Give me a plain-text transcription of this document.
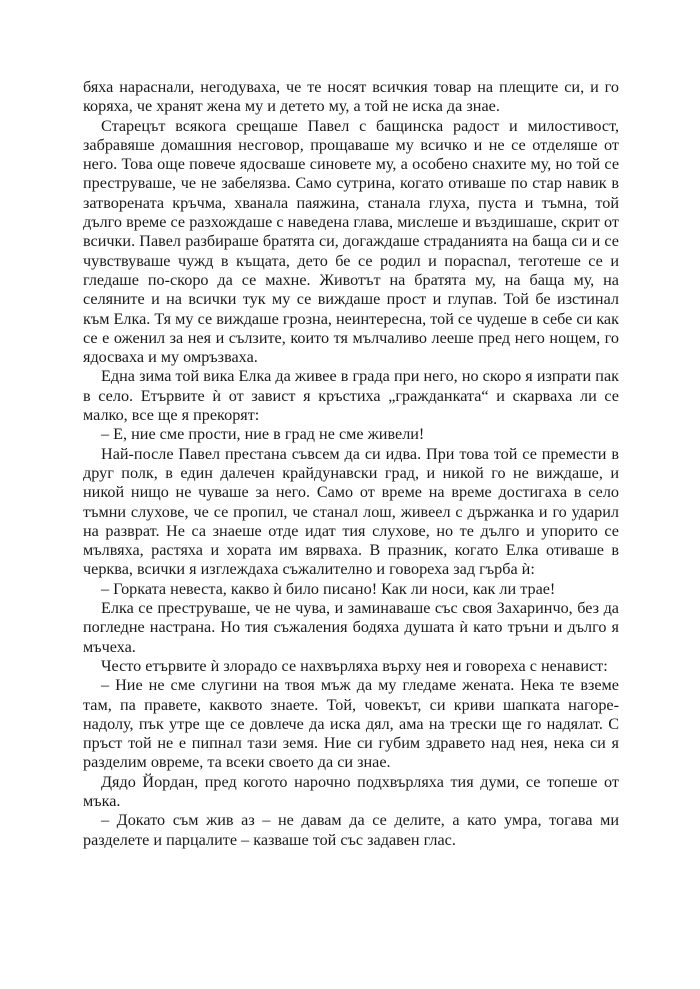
бяха нараснали, негодуваха, че те носят всичкия товар на плещите си, и го коряха, че хранят жена му и детето му, а той не иска да знае.

Старецът всякога срещаше Павел с бащинска радост и милостивост, забравяше домашния несговор, прощаваше му всичко и не се отделяше от него. Това още повече ядосваше синовете му, а особено снахите му, но той се преструваше, че не забелязва. Само сутрина, когато отиваше по стар навик в затворената кръчма, хванала паяжина, станала глуха, пуста и тъмна, той дълго време се разхождаше с наведена глава, мислеше и въздишаше, скрит от всички. Павел разбираше братята си, догаждаше страданията на баща си и се чувствуваше чужд в къщата, дето бе се родил и порасnал, теготеше се и гледаше по-скоро да се махне. Животът на братята му, на баща му, на селяните и на всички тук му се виждаше прост и глупав. Той бе изстинал към Елка. Тя му се виждаше грозна, неинтересна, той се чудеше в себе си как се е оженил за нея и сълзите, които тя мълчаливо лееше пред него нощем, го ядосваха и му омръзваха.

Една зима той вика Елка да живее в града при него, но скоро я изпрати пак в село. Етървите ѝ от завист я кръстиха „гражданката“ и скарваха ли се малко, все ще я прекорят:

– Е, ние сме прости, ние в град не сме живели!

Най-после Павел престана съвсем да си идва. При това той се премести в друг полк, в един далечен крайдунавски град, и никой го не виждаше, и никой нищо не чуваше за него. Само от време на време достигаха в село тъмни слухове, че се пропил, че станал лош, живеел с държанка и го ударил на разврат. Не са знаеше отде идат тия слухове, но те дълго и упорито се мълвяха, растяха и хората им вярваха. В празник, когато Елка отиваше в черква, всички я изглеждаха съжалително и говореха зад гърба ѝ:

– Горката невеста, какво ѝ било писано! Как ли носи, как ли трае!

Елка се преструваше, че не чува, и заминаваше със своя Захаринчо, без да погледне настрана. Но тия съжаления бодяха душата ѝ като тръни и дълго я мъчеха.

Често етървите ѝ злорадо се нахвърляха върху нея и говореха с ненавист:

– Ние не сме слугини на твоя мъж да му гледаме жената. Нека те вземе там, па правете, каквото знаете. Той, човекът, си криви шапката нагоре-надолу, пък утре ще се довлече да иска дял, ама на трески ще го надялат. С пръст той не е пипнал тази земя. Ние си губим здравето над нея, нека си я разделим овреме, та всеки своето да си знае.

Дядо Йордан, пред когото нарочно подхвърляха тия думи, се топеше от мъка.

– Докато съм жив аз – не давам да се делите, а като умра, тогава ми разделете и парцалите – казваше той със задавен глас.
